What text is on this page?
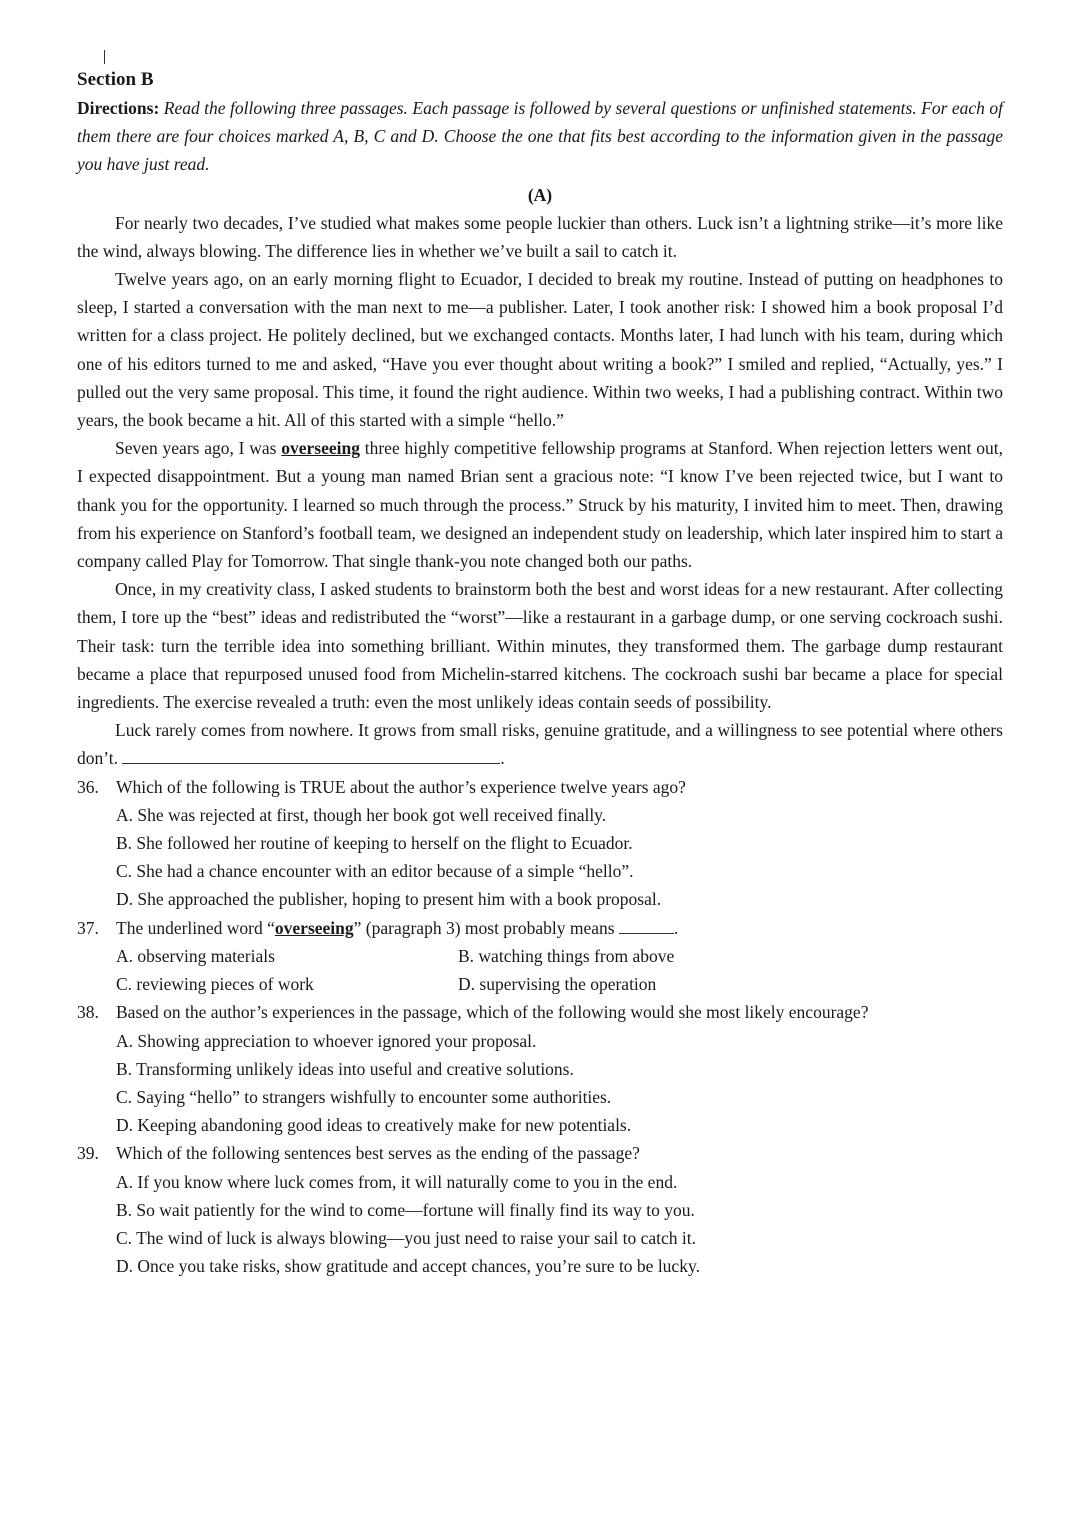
Section B
Directions: Read the following three passages. Each passage is followed by several questions or unfinished statements. For each of them there are four choices marked A, B, C and D. Choose the one that fits best according to the information given in the passage you have just read.
(A)

For nearly two decades, I’ve studied what makes some people luckier than others. Luck isn’t a lightning strike—it’s more like the wind, always blowing. The difference lies in whether we’ve built a sail to catch it.

Twelve years ago, on an early morning flight to Ecuador, I decided to break my routine. Instead of putting on headphones to sleep, I started a conversation with the man next to me—a publisher. Later, I took another risk: I showed him a book proposal I’d written for a class project. He politely declined, but we exchanged contacts. Months later, I had lunch with his team, during which one of his editors turned to me and asked, “Have you ever thought about writing a book?” I smiled and replied, “Actually, yes.” I pulled out the very same proposal. This time, it found the right audience. Within two weeks, I had a publishing contract. Within two years, the book became a hit. All of this started with a simple “hello.”

Seven years ago, I was overseeing three highly competitive fellowship programs at Stanford. When rejection letters went out, I expected disappointment. But a young man named Brian sent a gracious note: “I know I’ve been rejected twice, but I want to thank you for the opportunity. I learned so much through the process.” Struck by his maturity, I invited him to meet. Then, drawing from his experience on Stanford’s football team, we designed an independent study on leadership, which later inspired him to start a company called Play for Tomorrow. That single thank-you note changed both our paths.

Once, in my creativity class, I asked students to brainstorm both the best and worst ideas for a new restaurant. After collecting them, I tore up the “best” ideas and redistributed the “worst”—like a restaurant in a garbage dump, or one serving cockroach sushi. Their task: turn the terrible idea into something brilliant. Within minutes, they transformed them. The garbage dump restaurant became a place that repurposed unused food from Michelin-starred kitchens. The cockroach sushi bar became a place for special ingredients. The exercise revealed a truth: even the most unlikely ideas contain seeds of possibility.

Luck rarely comes from nowhere. It grows from small risks, genuine gratitude, and a willingness to see potential where others don’t.	.

36. Which of the following is TRUE about the author’s experience twelve years ago?

A. She was rejected at first, though her book got well received finally.

B. She followed her routine of keeping to herself on the flight to Ecuador.

C. She had a chance encounter with an editor because of a simple “hello”.

D. She approached the publisher, hoping to present him with a book proposal.

37. The underlined word “overseeing” (paragraph 3) most probably means	.
A. observing materials	B. watching things from above
C. reviewing pieces of work	D. supervising the operation
38. Based on the author’s experiences in the passage, which of the following would she most likely encourage?

A. Showing appreciation to whoever ignored your proposal.

B. Transforming unlikely ideas into useful and creative solutions.

C. Saying “hello” to strangers wishfully to encounter some authorities.

D. Keeping abandoning good ideas to creatively make for new potentials.

39. Which of the following sentences best serves as the ending of the passage?

A. If you know where luck comes from, it will naturally come to you in the end.

B. So wait patiently for the wind to come—fortune will finally find its way to you.

C. The wind of luck is always blowing—you just need to raise your sail to catch it.

D. Once you take risks, show gratitude and accept chances, you’re sure to be lucky.
